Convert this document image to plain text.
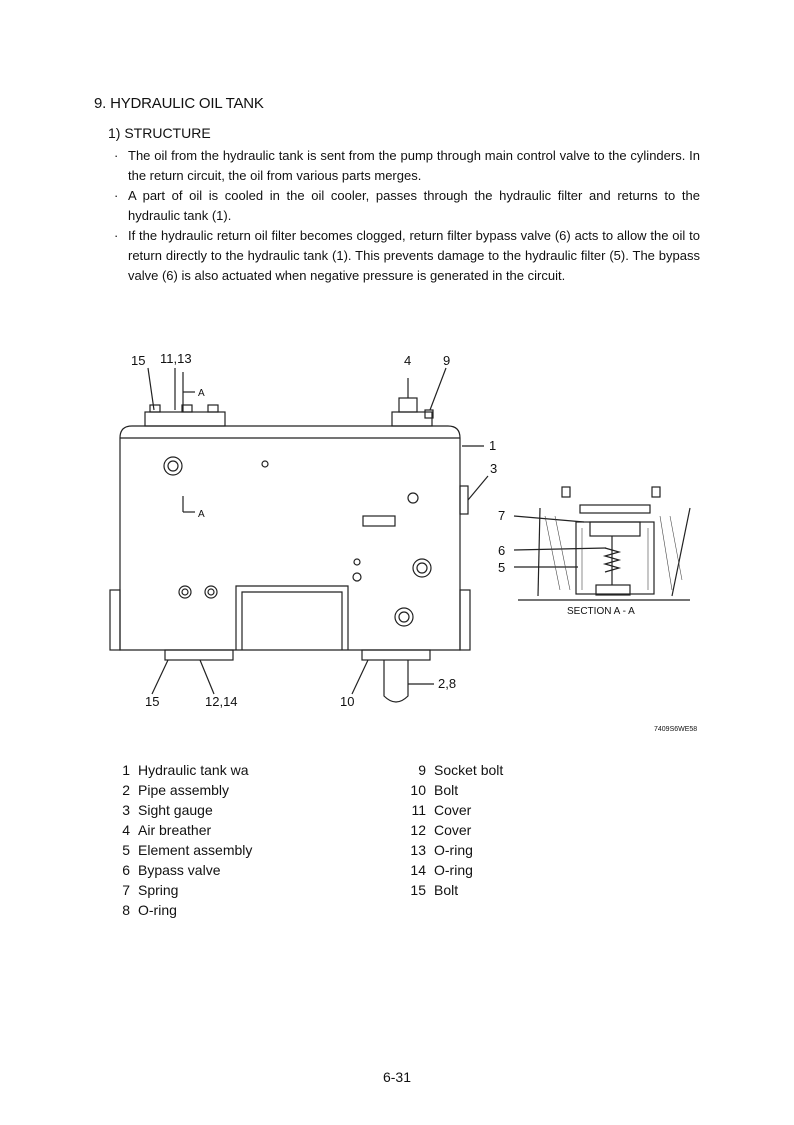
9. HYDRAULIC OIL TANK
1) STRUCTURE
· The oil from the hydraulic tank is sent from the pump through main control valve to the cylinders. In the return circuit, the oil from various parts merges.
· A part of oil is cooled in the oil cooler, passes through the hydraulic filter and returns to the hydraulic tank (1).
· If the hydraulic return oil filter becomes clogged, return filter bypass valve (6) acts to allow the oil to return directly to the hydraulic tank (1). This prevents damage to the hydraulic filter (5). The bypass valve (6) is also actuated when negative pressure is generated in the circuit.
15 11,13	4 9
1
3
A
A	7
6
5
SECTION A - A
15	12,14	10
2,8
7409S6WE58
1 Hydraulic tank wa
2 Pipe assembly
3 Sight gauge
4 Air breather
5 Element assembly
6 Bypass valve
7 Spring
8 O-ring
9 Socket bolt
10 Bolt
11 Cover
12 Cover
13 O-ring
14 O-ring
15 Bolt
6-31
